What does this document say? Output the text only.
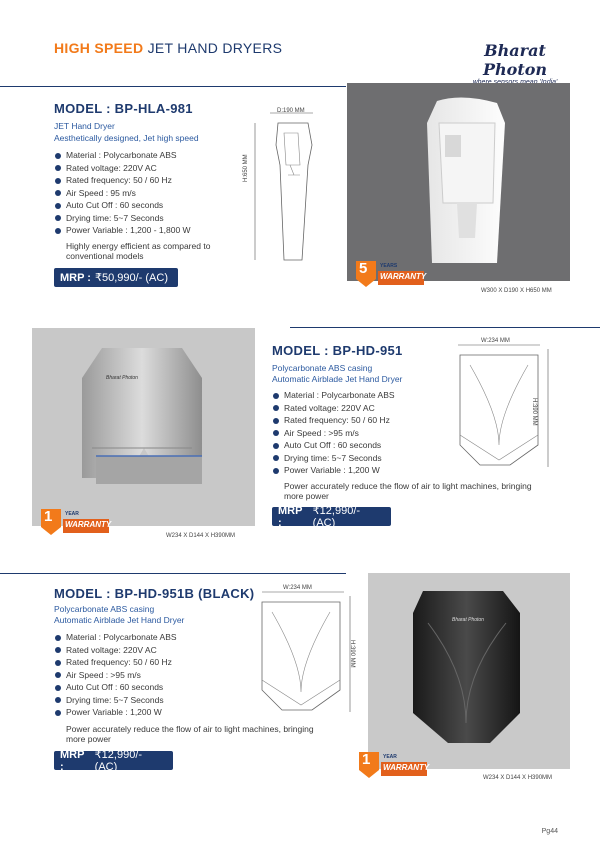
HIGH SPEED JET HAND DRYERS	Bharat Photon
MODEL : BP-HLA-981
JET Hand Dryer
Aesthetically designed, Jet high speed
Material : Polycarbonate ABS
Rated voltage: 220V AC
Rated frequency: 50 / 60 Hz
Air Speed : 95 m/s
Auto Cut Off : 60 seconds
Drying time: 5~7 Seconds
Power Variable : 1,200 - 1,800 W
Highly energy efficient as compared to conventional models
MRP : ₹50,990/- (AC)
D:190 MM
H:650 MM
5	YEARS
WARRANTY
W300 X D190 X H650 MM
Bharat Photon
1	YEAR
WARRANTY
W234 X D144 X H390MM
MODEL : BP-HD-951
Polycarbonate ABS casing
Automatic Airblade Jet Hand Dryer
Material : Polycarbonate ABS
Rated voltage: 220V AC
Rated frequency: 50 / 60 Hz
Air Speed : >95 m/s
Auto Cut Off : 60 seconds
Drying time: 5~7 Seconds
Power Variable : 1,200 W
Power accurately reduce the flow of air to light machines, bringing more power
MRP :
₹12,990/- (AC)
W:234 MM
H:390 MM
MODEL : BP-HD-951B (BLACK)
Polycarbonate ABS casing
Automatic Airblade Jet Hand Dryer
Material : Polycarbonate ABS
Rated voltage: 220V AC
Rated frequency: 50 / 60 Hz
Air Speed : >95 m/s
Auto Cut Off : 60 seconds
Drying time: 5~7 Seconds
Power Variable : 1,200 W
Power accurately reduce the flow of air to light machines, bringing more power
MRP :
₹12,990/- (AC)
W:234 MM
H:390 MM
Bharat Photon
1	YEAR
WARRANTY
W234 X D144 X H390MM
Pg44
